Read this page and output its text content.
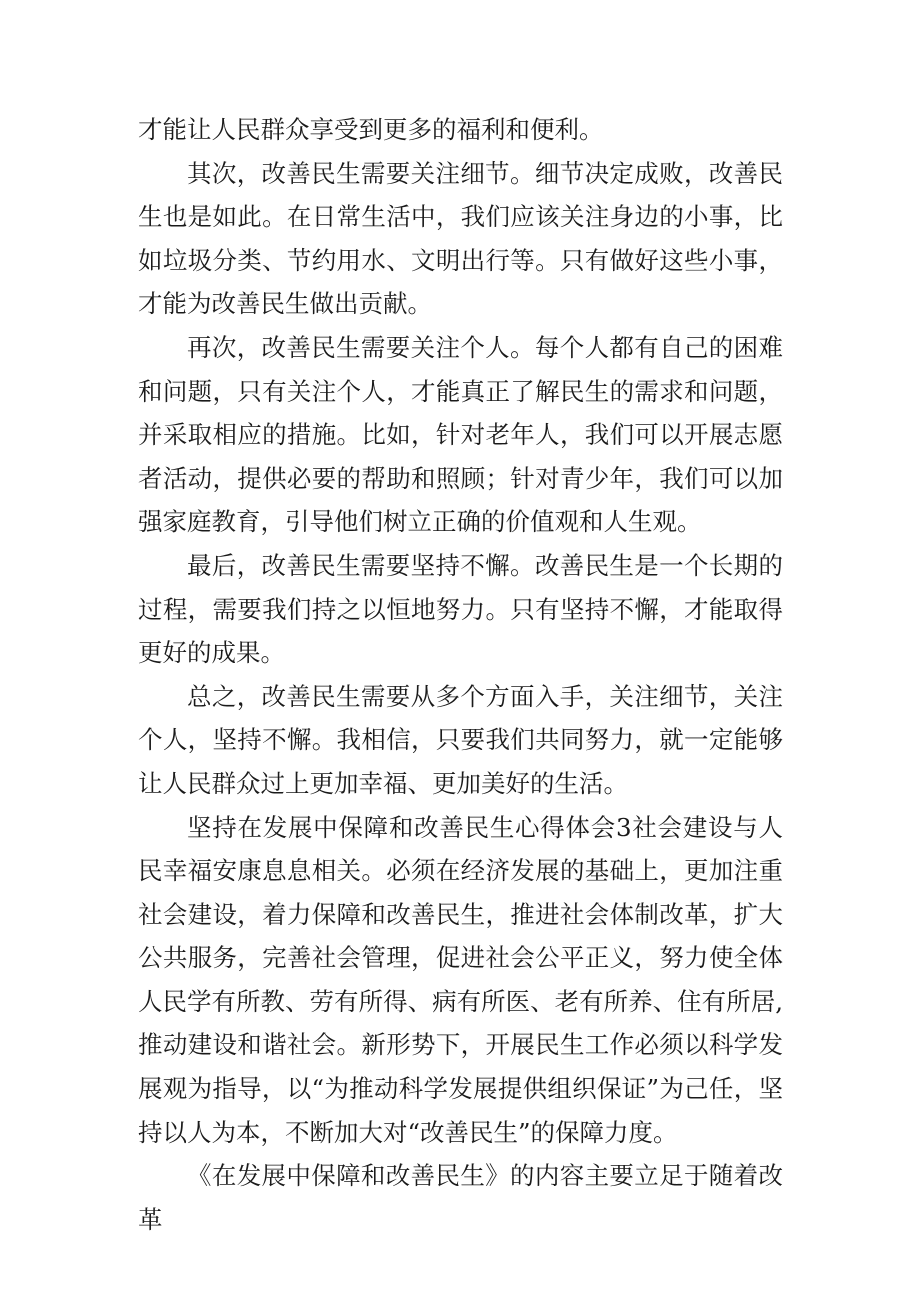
才能让人民群众享受到更多的福利和便利。

其次，改善民生需要关注细节。细节决定成败，改善民生也是如此。在日常生活中，我们应该关注身边的小事，比如垃圾分类、节约用水、文明出行等。只有做好这些小事，才能为改善民生做出贡献。

再次，改善民生需要关注个人。每个人都有自己的困难和问题，只有关注个人，才能真正了解民生的需求和问题，并采取相应的措施。比如，针对老年人，我们可以开展志愿者活动，提供必要的帮助和照顾；针对青少年，我们可以加强家庭教育，引导他们树立正确的价值观和人生观。

最后，改善民生需要坚持不懈。改善民生是一个长期的过程，需要我们持之以恒地努力。只有坚持不懈，才能取得更好的成果。

总之，改善民生需要从多个方面入手，关注细节，关注个人，坚持不懈。我相信，只要我们共同努力，就一定能够让人民群众过上更加幸福、更加美好的生活。

坚持在发展中保障和改善民生心得体会3社会建设与人民幸福安康息息相关。必须在经济发展的基础上，更加注重社会建设，着力保障和改善民生，推进社会体制改革，扩大公共服务，完善社会管理，促进社会公平正义，努力使全体人民学有所教、劳有所得、病有所医、老有所养、住有所居,推动建设和谐社会。新形势下，开展民生工作必须以科学发展观为指导，以“为推动科学发展提供组织保证”为己任，坚持以人为本，不断加大对“改善民生”的保障力度。

《在发展中保障和改善民生》的内容主要立足于随着改革
